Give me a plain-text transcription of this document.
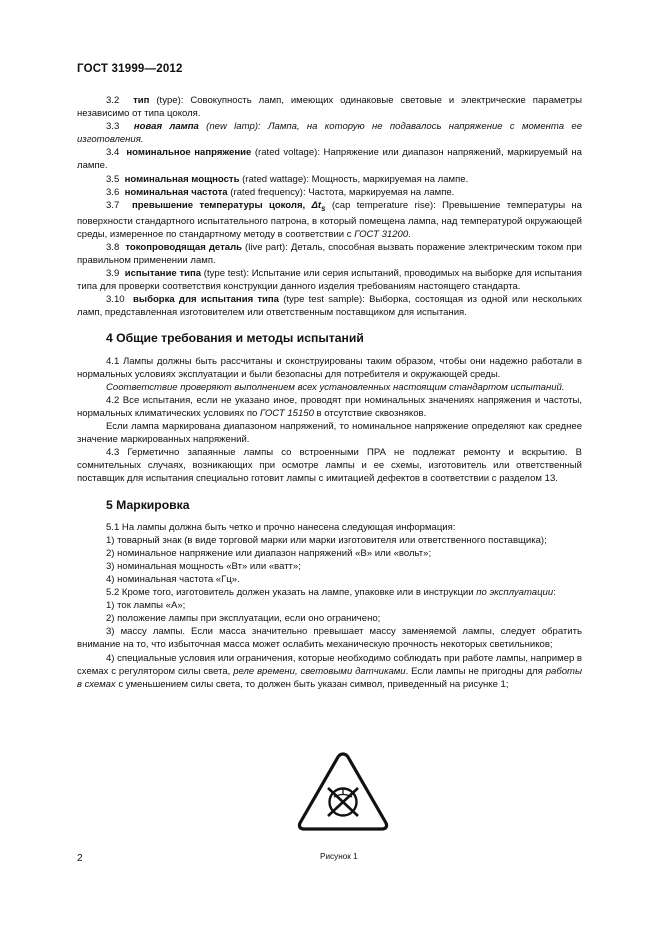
ГОСТ 31999—2012

3.2 тип (type): Совокупность ламп, имеющих одинаковые световые и электрические параметры независимо от типа цоколя.

3.3 новая лампа (new lamp): Лампа, на которую не подавалось напряжение с момента ее изготовления.

3.4 номинальное напряжение (rated voltage): Напряжение или диапазон напряжений, маркируемый на лампе.

3.5 номинальная мощность (rated wattage): Мощность, маркируемая на лампе.

3.6 номинальная частота (rated frequency): Частота, маркируемая на лампе.

3.7 превышение температуры цоколя, $\Delta t_s$ (cap temperature rise): Превышение температуры на поверхности стандартного испытательного патрона, в который помещена лампа, над температурой окружающей среды, измеренное по стандартному методу в соответствии с ГОСТ 31200.

3.8 токопроводящая деталь (live part): Деталь, способная вызвать поражение электрическим током при правильном применении ламп.

3.9 испытание типа (type test): Испытание или серия испытаний, проводимых на выборке для испытания типа для проверки соответствия конструкции данного изделия требованиям настоящего стандарта.

3.10 выборка для испытания типа (type test sample): Выборка, состоящая из одной или нескольких ламп, представленная изготовителем или ответственным поставщиком для испытания.

4 Общие требования и методы испытаний

4.1 Лампы должны быть рассчитаны и сконструированы таким образом, чтобы они надежно работали в нормальных условиях эксплуатации и были безопасны для потребителя и окружающей среды.

Соответствие проверяют выполнением всех установленных настоящим стандартом испытаний.

4.2 Все испытания, если не указано иное, проводят при номинальных значениях напряжения и частоты, нормальных климатических условиях по ГОСТ 15150 в отсутствие сквозняков.

Если лампа маркирована диапазоном напряжений, то номинальное напряжение определяют как среднее значение маркированных напряжений.

4.3 Герметично запаянные лампы со встроенными ПРА не подлежат ремонту и вскрытию. В сомнительных случаях, возникающих при осмотре лампы и ее схемы, изготовитель или ответственный поставщик для испытания специально готовит лампы с имитацией дефектов в соответствии с разделом 13.

5 Маркировка

5.1 На лампы должна быть четко и прочно нанесена следующая информация:

1) товарный знак (в виде торговой марки или марки изготовителя или ответственного поставщика);

2) номинальное напряжение или диапазон напряжений «В» или «вольт»;

3) номинальная мощность «Вт» или «ватт»;

4) номинальная частота «Гц».

5.2 Кроме того, изготовитель должен указать на лампе, упаковке или в инструкции по эксплуатации:

1) ток лампы «А»;

2) положение лампы при эксплуатации, если оно ограничено;

3) массу лампы. Если масса значительно превышает массу заменяемой лампы, следует обратить внимание на то, что избыточная масса может ослабить механическую прочность некоторых светильников;

4) специальные условия или ограничения, которые необходимо соблюдать при работе лампы, например в схемах с регулятором силы света, реле времени, световыми датчиками. Если лампы не пригодны для работы в схемах с уменьшением силы света, то должен быть указан символ, приведенный на рисунке 1;

Рисунок 1
2
